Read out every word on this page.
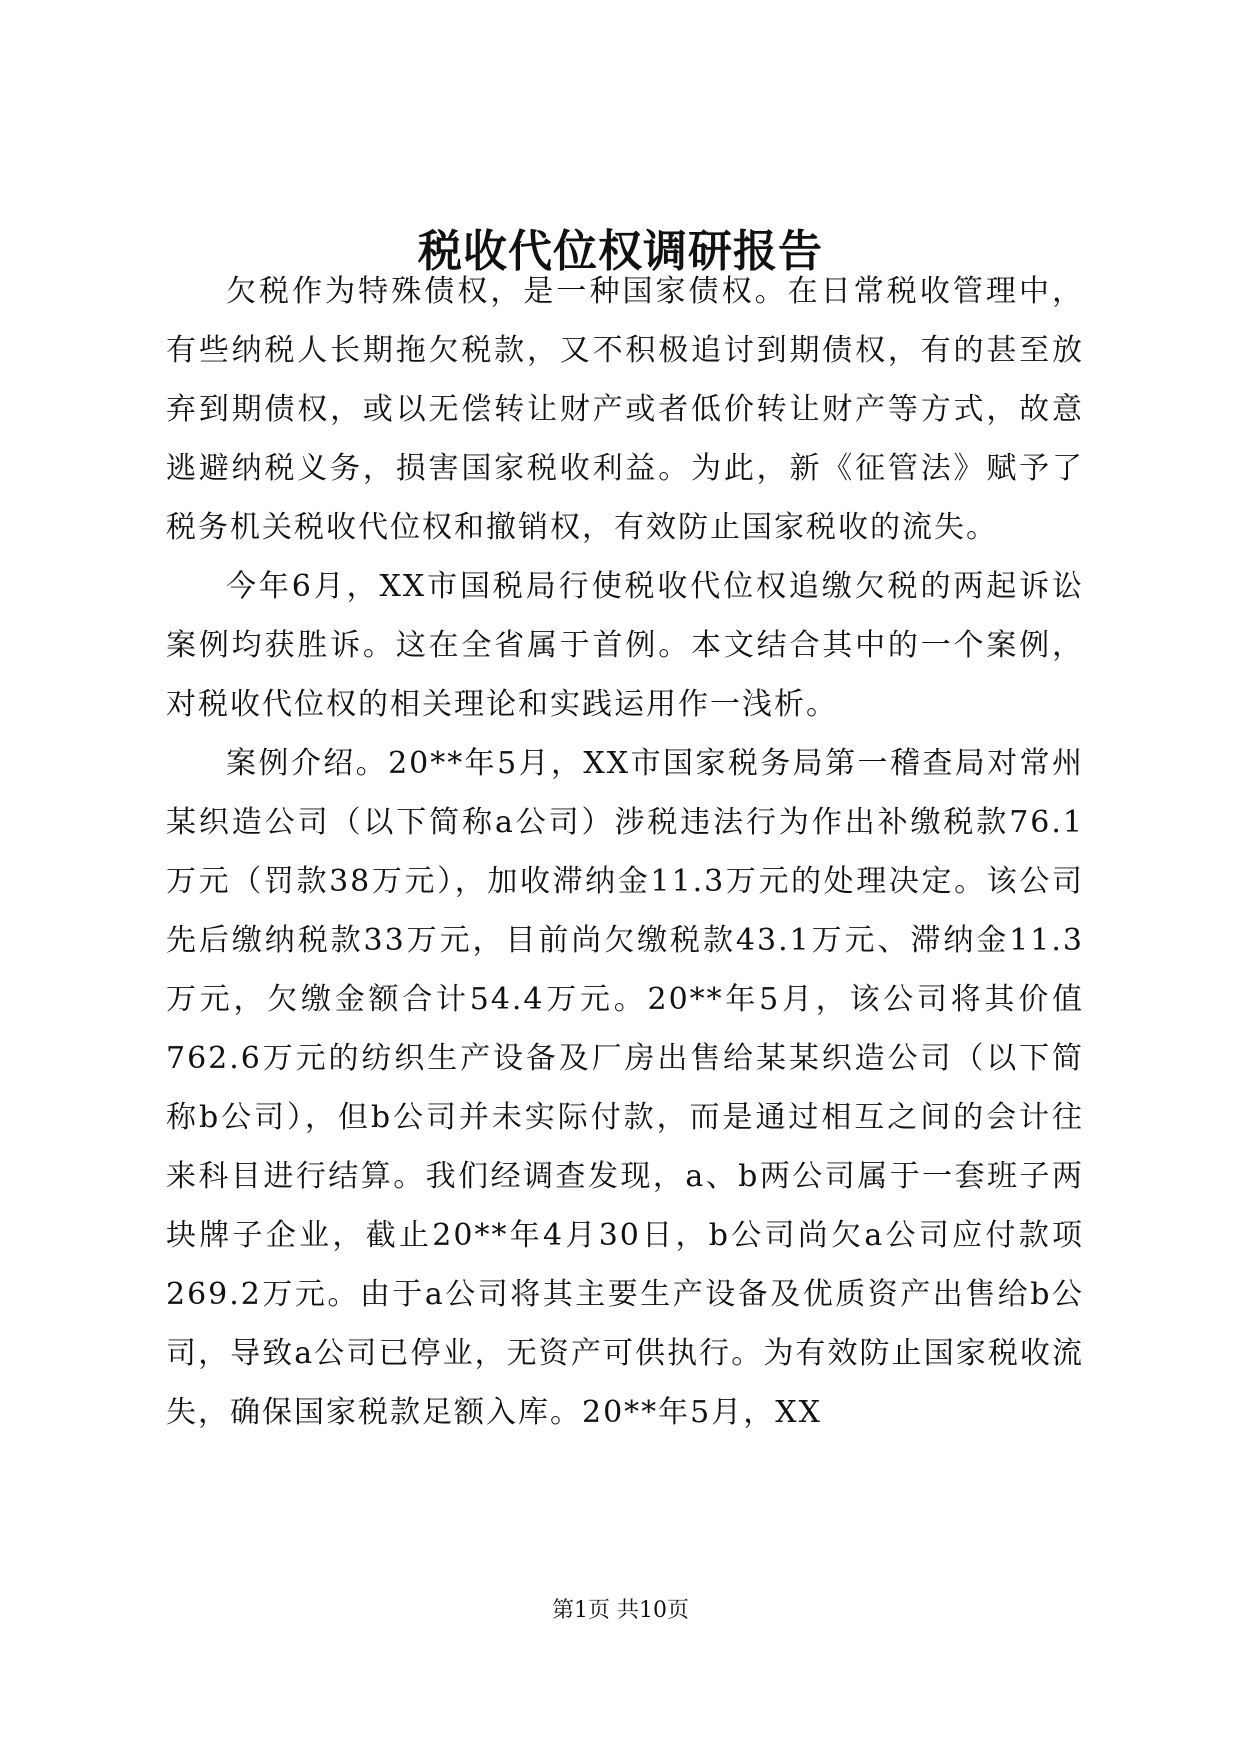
税收代位权调研报告

欠税作为特殊债权，是一种国家债权。在日常税收管理中，有些纳税人长期拖欠税款，又不积极追讨到期债权，有的甚至放弃到期债权，或以无偿转让财产或者低价转让财产等方式，故意逃避纳税义务，损害国家税收利益。为此，新《征管法》赋予了税务机关税收代位权和撤销权，有效防止国家税收的流失。

今年6月，XX市国税局行使税收代位权追缴欠税的两起诉讼案例均获胜诉。这在全省属于首例。本文结合其中的一个案例，对税收代位权的相关理论和实践运用作一浅析。

案例介绍。20**年5月，XX市国家税务局第一稽查局对常州某织造公司（以下简称a公司）涉税违法行为作出补缴税款76.1万元（罚款38万元），加收滞纳金11.3万元的处理决定。该公司先后缴纳税款33万元，目前尚欠缴税款43.1万元、滞纳金11.3万元，欠缴金额合计54.4万元。20**年5月，该公司将其价值762.6万元的纺织生产设备及厂房出售给某某织造公司（以下简称b公司），但b公司并未实际付款，而是通过相互之间的会计往来科目进行结算。我们经调查发现，a、b两公司属于一套班子两块牌子企业，截止20**年4月30日，b公司尚欠a公司应付款项269.2万元。由于a公司将其主要生产设备及优质资产出售给b公司，导致a公司已停业，无资产可供执行。为有效防止国家税收流失，确保国家税款足额入库。20**年5月，XX

第1页 共10页
